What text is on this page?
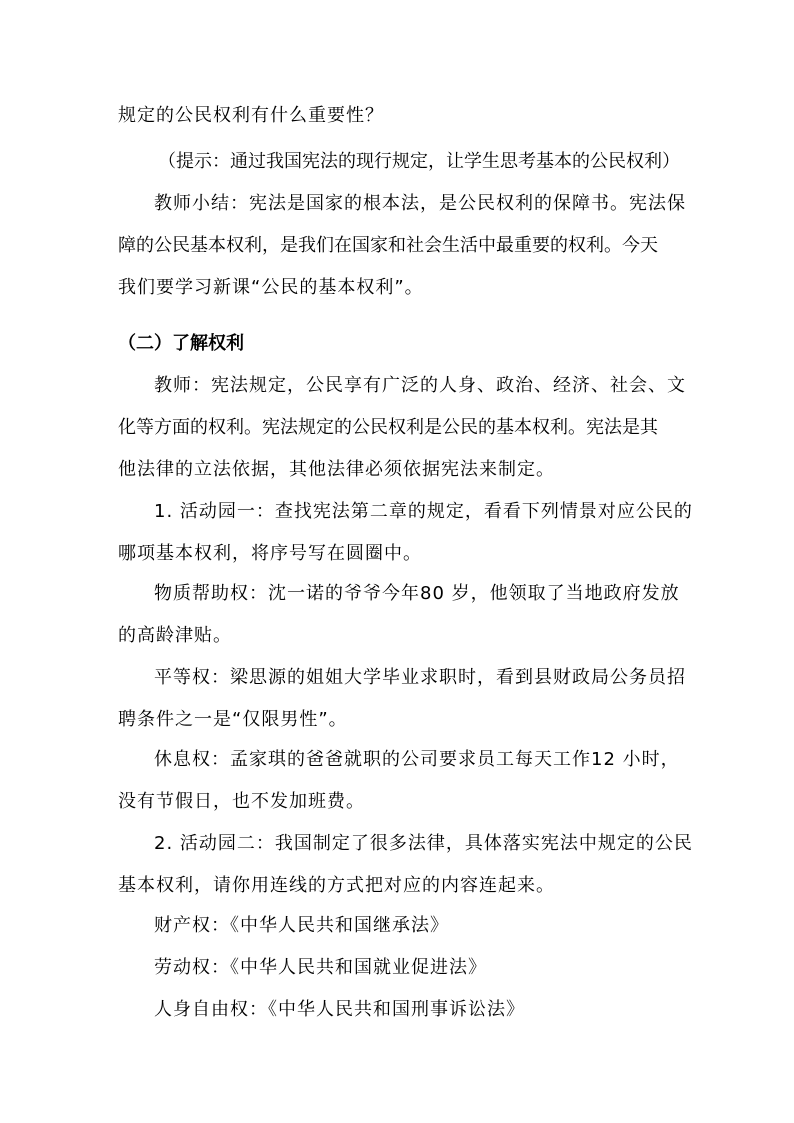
规定的公民权利有什么重要性？
（提示：通过我国宪法的现行规定，让学生思考基本的公民权利）
教师小结：宪法是国家的根本法，是公民权利的保障书。宪法保
障的公民基本权利，是我们在国家和社会生活中最重要的权利。今天
我们要学习新课“公民的基本权利”。
（二）了解权利
教师：宪法规定，公民享有广泛的人身、政治、经济、社会、文
化等方面的权利。宪法规定的公民权利是公民的基本权利。宪法是其
他法律的立法依据，其他法律必须依据宪法来制定。
1. 活动园一：查找宪法第二章的规定，看看下列情景对应公民的
哪项基本权利，将序号写在圆圈中。
物质帮助权：沈一诺的爷爷今年80 岁，他领取了当地政府发放
的高龄津贴。
平等权：梁思源的姐姐大学毕业求职时，看到县财政局公务员招
聘条件之一是“仅限男性”。
休息权：孟家琪的爸爸就职的公司要求员工每天工作12 小时，
没有节假日，也不发加班费。
2. 活动园二：我国制定了很多法律，具体落实宪法中规定的公民
基本权利，请你用连线的方式把对应的内容连起来。
财产权：《中华人民共和国继承法》
劳动权：《中华人民共和国就业促进法》
人身自由权：《中华人民共和国刑事诉讼法》
